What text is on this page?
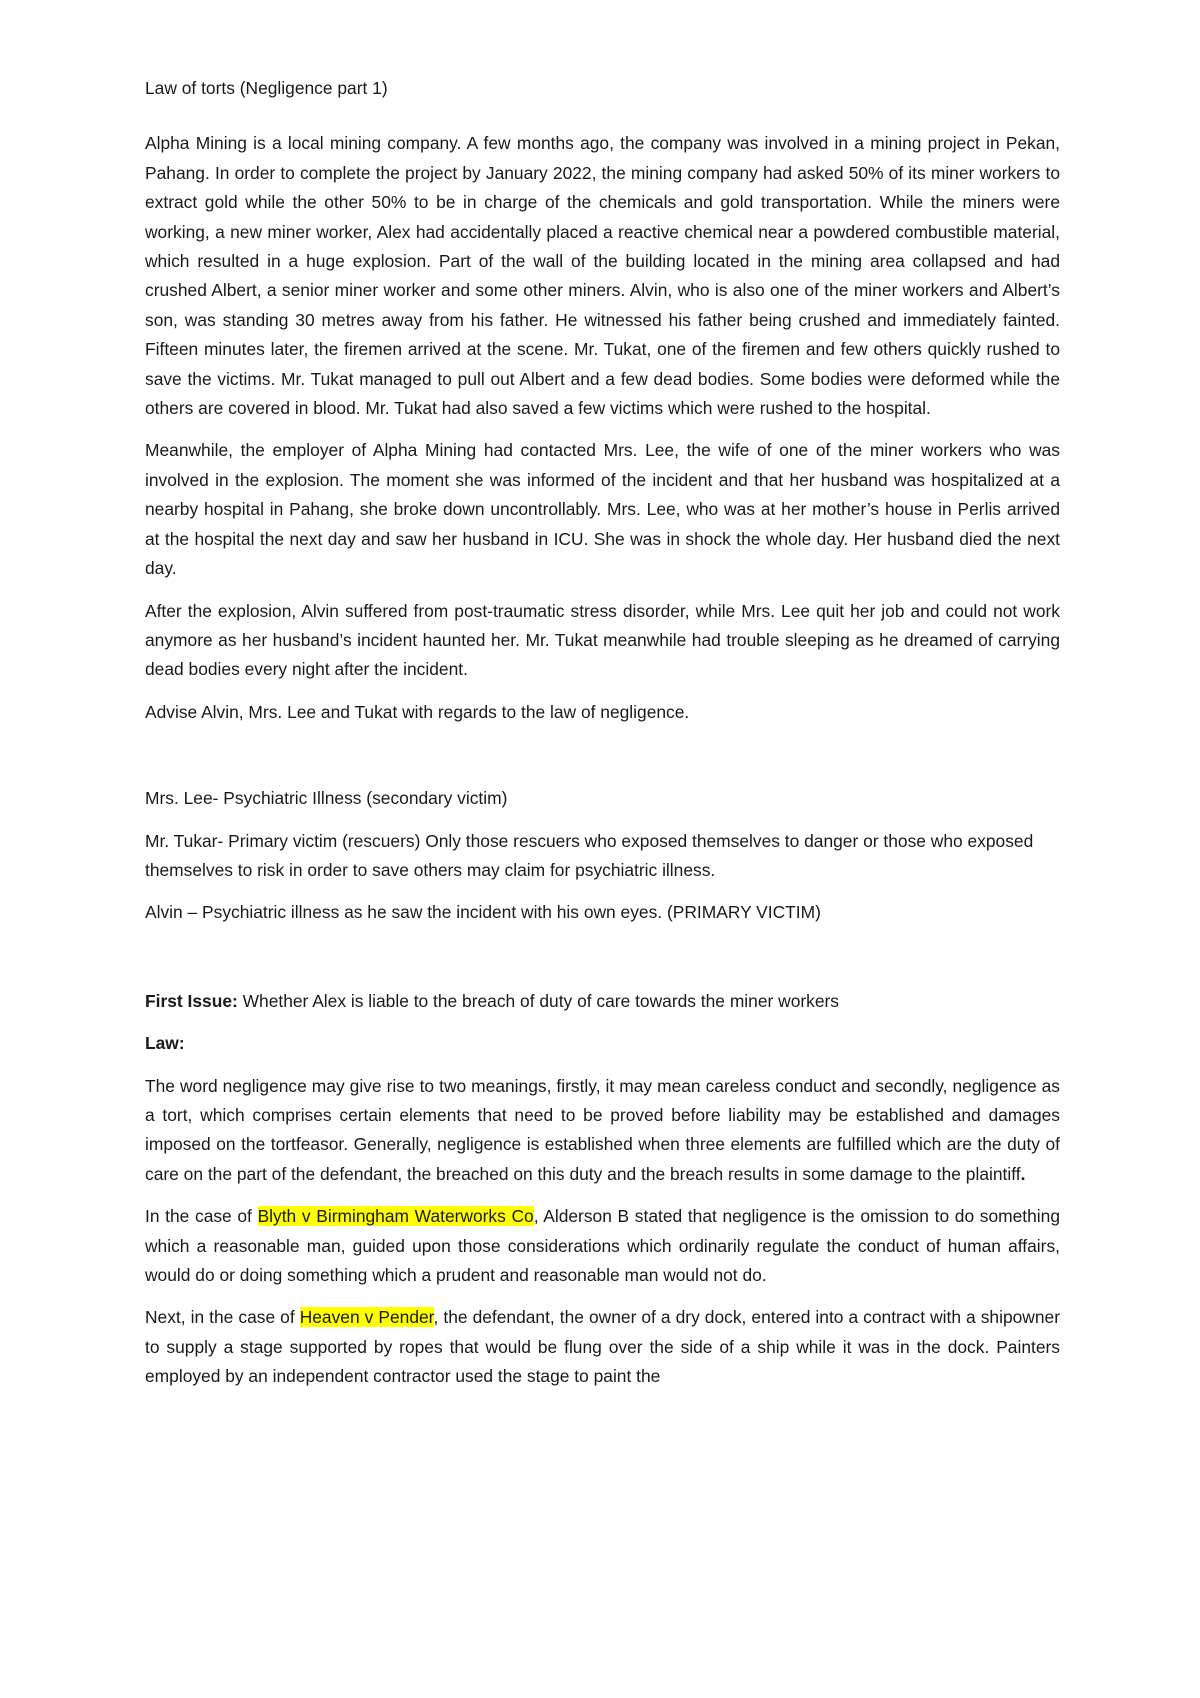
Law of torts (Negligence part 1)

Alpha Mining is a local mining company. A few months ago, the company was involved in a mining project in Pekan, Pahang. In order to complete the project by January 2022, the mining company had asked 50% of its miner workers to extract gold while the other 50% to be in charge of the chemicals and gold transportation. While the miners were working, a new miner worker, Alex had accidentally placed a reactive chemical near a powdered combustible material, which resulted in a huge explosion. Part of the wall of the building located in the mining area collapsed and had crushed Albert, a senior miner worker and some other miners. Alvin, who is also one of the miner workers and Albert’s son, was standing 30 metres away from his father. He witnessed his father being crushed and immediately fainted. Fifteen minutes later, the firemen arrived at the scene. Mr. Tukat, one of the firemen and few others quickly rushed to save the victims. Mr. Tukat managed to pull out Albert and a few dead bodies. Some bodies were deformed while the others are covered in blood. Mr. Tukat had also saved a few victims which were rushed to the hospital.

Meanwhile, the employer of Alpha Mining had contacted Mrs. Lee, the wife of one of the miner workers who was involved in the explosion. The moment she was informed of the incident and that her husband was hospitalized at a nearby hospital in Pahang, she broke down uncontrollably. Mrs. Lee, who was at her mother’s house in Perlis arrived at the hospital the next day and saw her husband in ICU. She was in shock the whole day. Her husband died the next day.

After the explosion, Alvin suffered from post-traumatic stress disorder, while Mrs. Lee quit her job and could not work anymore as her husband’s incident haunted her. Mr. Tukat meanwhile had trouble sleeping as he dreamed of carrying dead bodies every night after the incident.

Advise Alvin, Mrs. Lee and Tukat with regards to the law of negligence.

Mrs. Lee- Psychiatric Illness (secondary victim)

Mr. Tukar- Primary victim (rescuers) Only those rescuers who exposed themselves to danger or those who exposed themselves to risk in order to save others may claim for psychiatric illness.

Alvin – Psychiatric illness as he saw the incident with his own eyes. (PRIMARY VICTIM)

First Issue: Whether Alex is liable to the breach of duty of care towards the miner workers

Law:

The word negligence may give rise to two meanings, firstly, it may mean careless conduct and secondly, negligence as a tort, which comprises certain elements that need to be proved before liability may be established and damages imposed on the tortfeasor. Generally, negligence is established when three elements are fulfilled which are the duty of care on the part of the defendant, the breached on this duty and the breach results in some damage to the plaintiff.

In the case of Blyth v Birmingham Waterworks Co, Alderson B stated that negligence is the omission to do something which a reasonable man, guided upon those considerations which ordinarily regulate the conduct of human affairs, would do or doing something which a prudent and reasonable man would not do.

Next, in the case of Heaven v Pender, the defendant, the owner of a dry dock, entered into a contract with a shipowner to supply a stage supported by ropes that would be flung over the side of a ship while it was in the dock. Painters employed by an independent contractor used the stage to paint the
